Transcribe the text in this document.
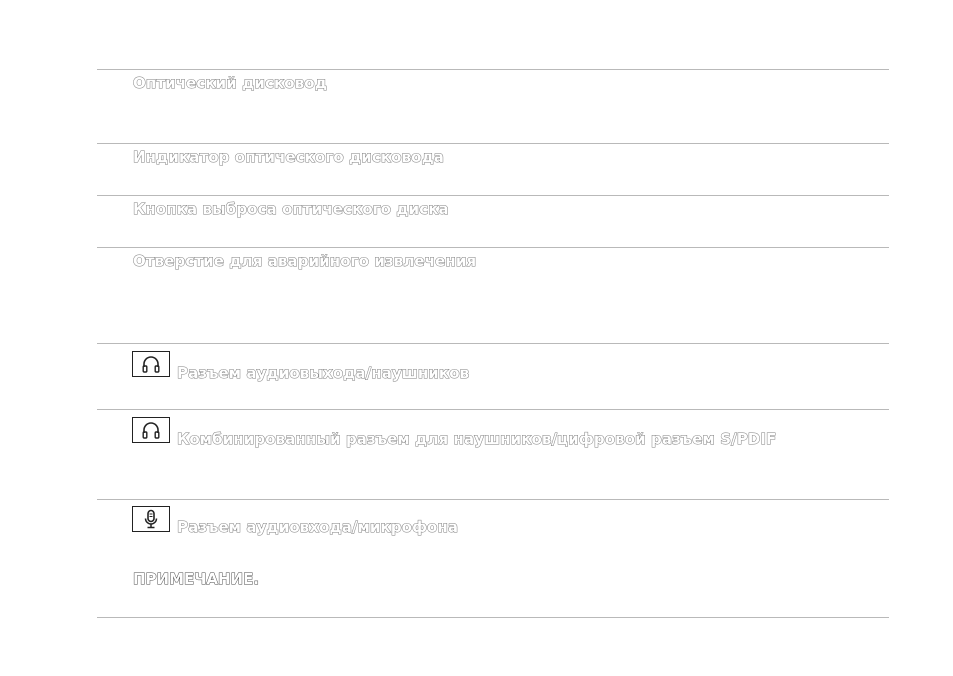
Оптический дисковод
Индикатор оптического дисковода
Кнопка выброса оптического диска
Отверстие для аварийного извлечения
Разъем аудиовыхода/наушников
Комбинированный разъем для наушников/цифровой разъем S/PDIF
Разъем аудиовхода/микрофона
ПРИМЕЧАНИЕ.
